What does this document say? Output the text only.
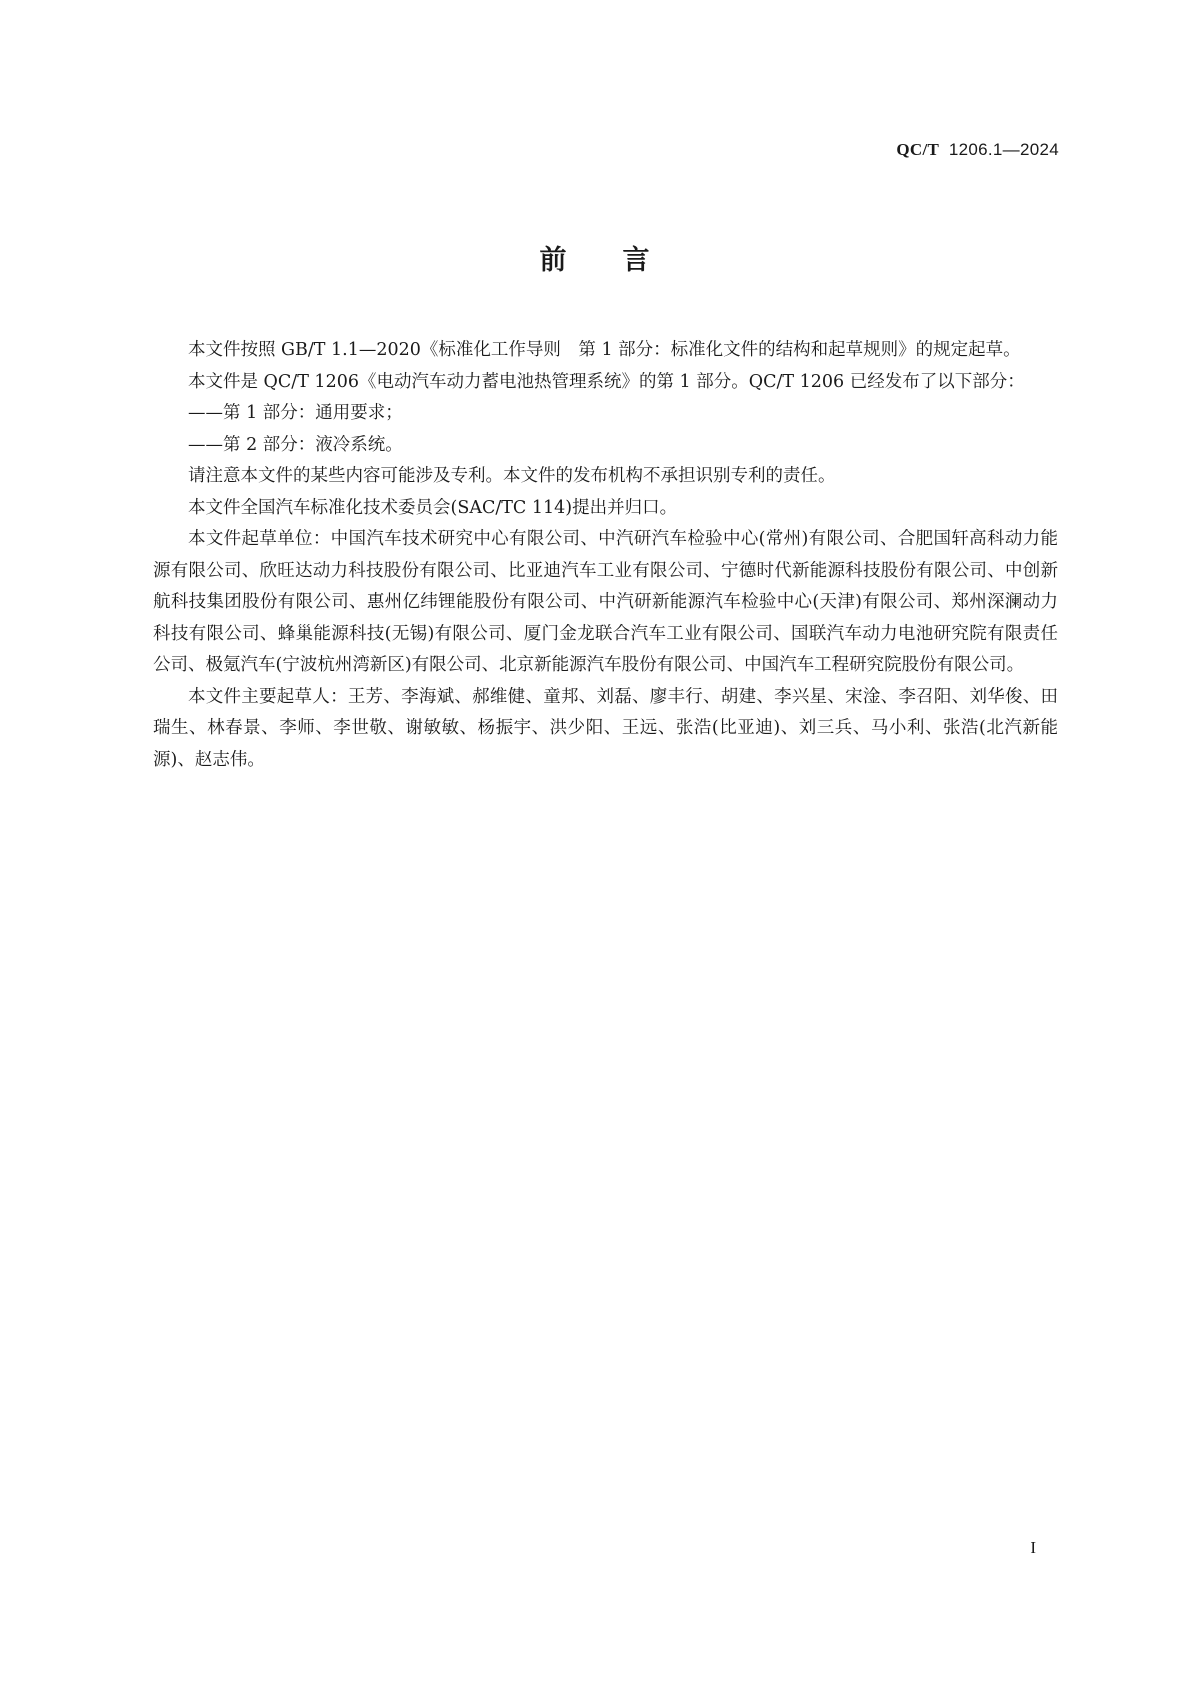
QC/T 1206.1—2024
前 言

本文件按照 GB/T 1.1—2020《标准化工作导则　第 1 部分：标准化文件的结构和起草规则》的规定起草。

本文件是 QC/T 1206《电动汽车动力蓄电池热管理系统》的第 1 部分。QC/T 1206 已经发布了以下部分：

——第 1 部分：通用要求；

——第 2 部分：液冷系统。

请注意本文件的某些内容可能涉及专利。本文件的发布机构不承担识别专利的责任。

本文件全国汽车标准化技术委员会(SAC/TC 114)提出并归口。

本文件起草单位：中国汽车技术研究中心有限公司、中汽研汽车检验中心(常州)有限公司、合肥国轩高科动力能源有限公司、欣旺达动力科技股份有限公司、比亚迪汽车工业有限公司、宁德时代新能源科技股份有限公司、中创新航科技集团股份有限公司、惠州亿纬锂能股份有限公司、中汽研新能源汽车检验中心(天津)有限公司、郑州深澜动力科技有限公司、蜂巢能源科技(无锡)有限公司、厦门金龙联合汽车工业有限公司、国联汽车动力电池研究院有限责任公司、极氪汽车(宁波杭州湾新区)有限公司、北京新能源汽车股份有限公司、中国汽车工程研究院股份有限公司。

本文件主要起草人：王芳、李海斌、郝维健、童邦、刘磊、廖丰行、胡建、李兴星、宋淦、李召阳、刘华俊、田瑞生、林春景、李师、李世敬、谢敏敏、杨振宇、洪少阳、王远、张浩(比亚迪)、刘三兵、马小利、张浩(北汽新能源)、赵志伟。

I
